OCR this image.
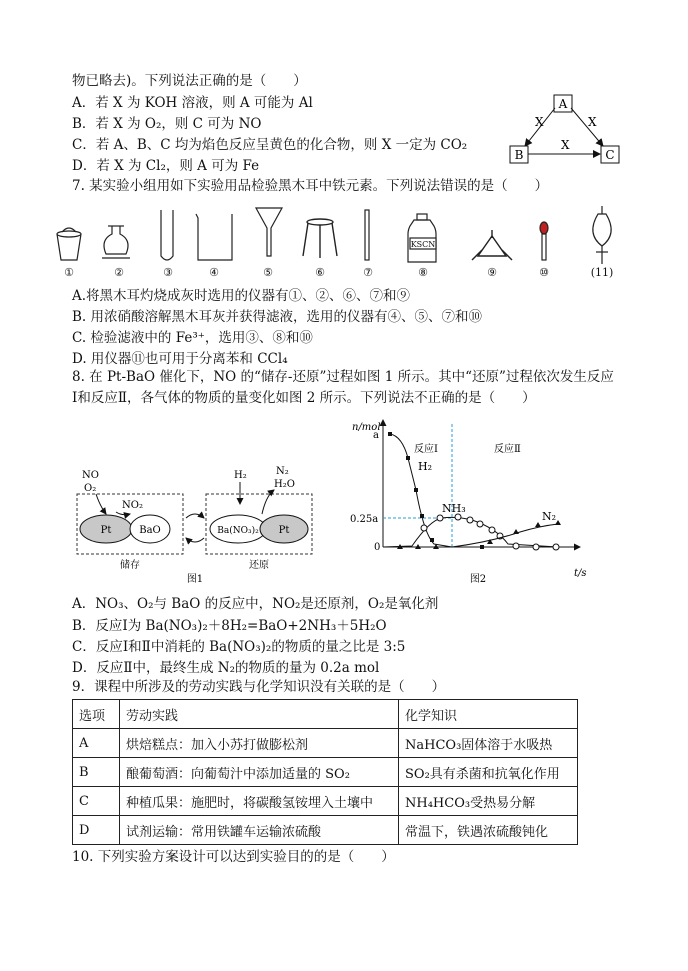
物已略去)。下列说法正确的是（　　）
A．若 X 为 KOH 溶液，则 A 可能为 Al
B．若 X 为 O₂，则 C 可为 NO
C．若 A、B、C 均为焰色反应呈黄色的化合物，则 X 一定为 CO₂
D．若 X 为 Cl₂，则 A 可为 Fe
A
B	C
X	X
X
7. 某实验小组用如下实验用品检验黑木耳中铁元素。下列说法错误的是（　　）
KSCN
①	②	③	④	⑤	⑥	⑦	⑧	⑨	⑩	(11)
A.将黑木耳灼烧成灰时选用的仪器有①、②、⑥、⑦和⑨
B. 用浓硝酸溶解黑木耳灰并获得滤液，选用的仪器有④、⑤、⑦和⑩
C. 检验滤液中的 Fe³⁺，选用③、⑧和⑩
D. 用仪器⑪也可用于分离苯和 CCl₄
8. 在 Pt-BaO 催化下，NO 的“储存-还原”过程如图 1 所示。其中“还原”过程依次发生反应
Ⅰ和反应Ⅱ，各气体的物质的量变化如图 2 所示。下列说法不正确的是（　　）
NO
O₂
NO₂
Pt	BaO
H₂	N₂
H₂O
Ba(NO₃)₂ Pt
储存	还原
图1
n/mol
a
0.25a
0
t/s
反应Ⅰ	反应Ⅱ
H₂
NH₃
N₂
图2
A．NO₃、O₂与 BaO 的反应中，NO₂是还原剂，O₂是氧化剂
B．反应Ⅰ为 Ba(NO₃)₂＋8H₂=BaO+2NH₃＋5H₂O
C．反应Ⅰ和Ⅱ中消耗的 Ba(NO₃)₂的物质的量之比是 3:5
D．反应Ⅱ中，最终生成 N₂的物质的量为 0.2a mol
9．课程中所涉及的劳动实践与化学知识没有关联的是（　　）
选项	劳动实践	化学知识
A	烘焙糕点：加入小苏打做膨松剂	NaHCO₃固体溶于水吸热
B	酿葡萄酒：向葡萄汁中添加适量的 SO₂	SO₂具有杀菌和抗氧化作用
C	种植瓜果：施肥时，将碳酸氢铵埋入土壤中	NH₄HCO₃受热易分解
D	试剂运输：常用铁罐车运输浓硫酸	常温下，铁遇浓硫酸钝化
10. 下列实验方案设计可以达到实验目的的是（　　）
